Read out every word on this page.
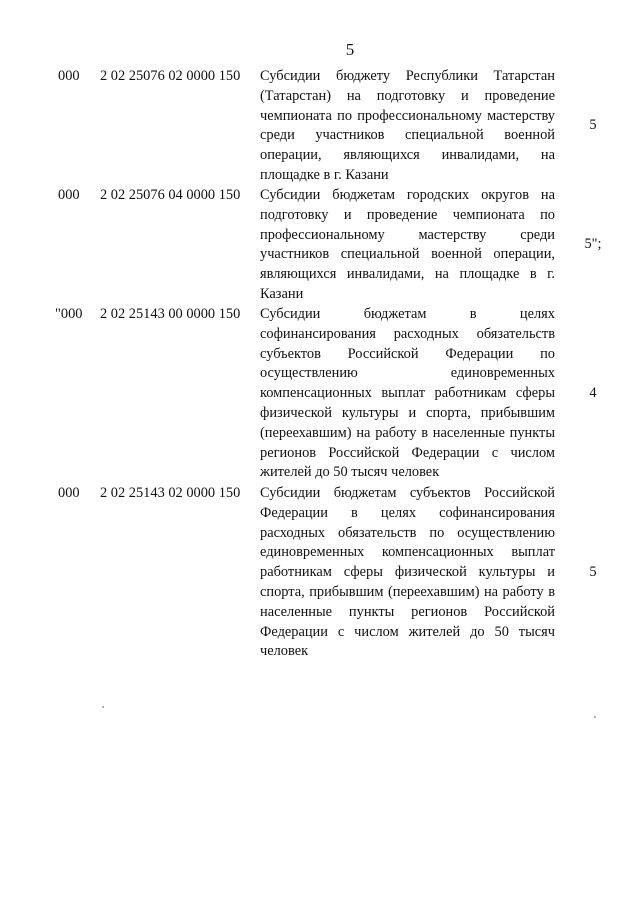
5
000 2 02 25076 02 0000 150 Субсидии бюджету Республики Татарстан (Татарстан) на подготовку и проведение чемпионата по профессиональному мастерству среди участников специальной военной операции, являющихся инвалидами, на площадке в г. Казани
5
000 2 02 25076 04 0000 150 Субсидии бюджетам городских округов на подготовку и проведение чемпионата по профессиональному мастерству среди участников специальной военной операции, являющихся инвалидами, на площадке в г. Казани
5";
"000 2 02 25143 00 0000 150 Субсидии бюджетам в целях софинансирования расходных обязательств субъектов Российской Федерации по осуществлению единовременных компенсационных выплат работникам сферы физической культуры и спорта, прибывшим (переехавшим) на работу в населенные пункты регионов Российской Федерации с числом жителей до 50 тысяч человек
4
000 2 02 25143 02 0000 150 Субсидии бюджетам субъектов Российской Федерации в целях софинансирования расходных обязательств по осуществлению единовременных компенсационных выплат работникам сферы физической культуры и спорта, прибывшим (переехавшим) на работу в населенные пункты регионов Российской Федерации с числом жителей до 50 тысяч человек
5
